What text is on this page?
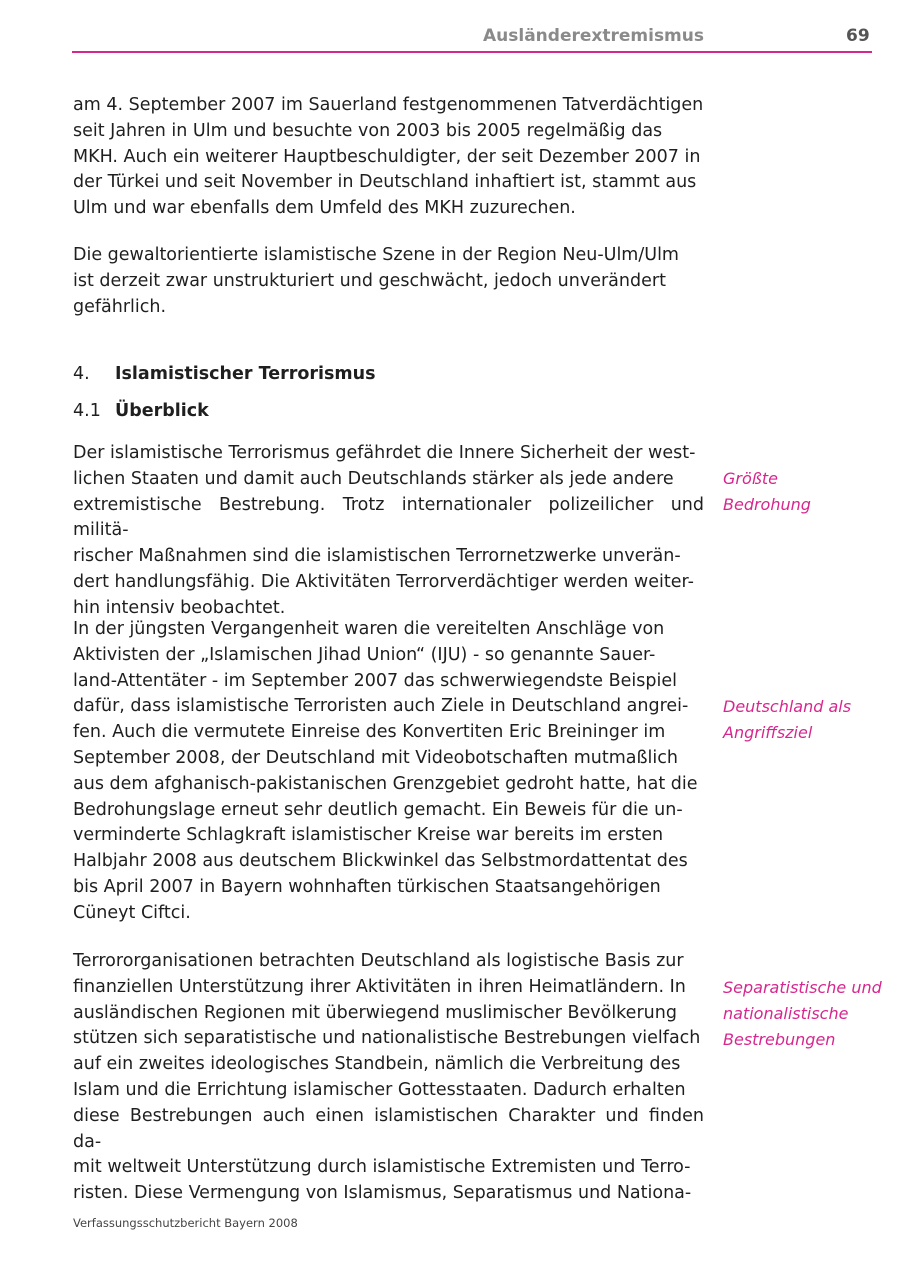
Ausländerextremismus	69
am 4. September 2007 im Sauerland festgenommenen Tatverdächtigen
seit Jahren in Ulm und besuchte von 2003 bis 2005 regelmäßig das
MKH. Auch ein weiterer Hauptbeschuldigter, der seit Dezember 2007 in
der Türkei und seit November in Deutschland inhaftiert ist, stammt aus
Ulm und war ebenfalls dem Umfeld des MKH zuzurechen.
Die gewaltorientierte islamistische Szene in der Region Neu-Ulm/Ulm
ist derzeit zwar unstrukturiert und geschwächt, jedoch unverändert
gefährlich.
4. Islamistischer Terrorismus
4.1 Überblick
Der islamistische Terrorismus gefährdet die Innere Sicherheit der west-
lichen Staaten und damit auch Deutschlands stärker als jede andere
extremistische Bestrebung. Trotz internationaler polizeilicher und militä-
rischer Maßnahmen sind die islamistischen Terrornetzwerke unverän-
dert handlungsfähig. Die Aktivitäten Terrorverdächtiger werden weiter-
hin intensiv beobachtet.
In der jüngsten Vergangenheit waren die vereitelten Anschläge von
Aktivisten der „Islamischen Jihad Union“ (IJU) - so genannte Sauer-
land-Attentäter - im September 2007 das schwerwiegendste Beispiel
dafür, dass islamistische Terroristen auch Ziele in Deutschland angrei-
fen. Auch die vermutete Einreise des Konvertiten Eric Breininger im
September 2008, der Deutschland mit Videobotschaften mutmaßlich
aus dem afghanisch-pakistanischen Grenzgebiet gedroht hatte, hat die
Bedrohungslage erneut sehr deutlich gemacht. Ein Beweis für die un-
verminderte Schlagkraft islamistischer Kreise war bereits im ersten
Halbjahr 2008 aus deutschem Blickwinkel das Selbstmordattentat des
bis April 2007 in Bayern wohnhaften türkischen Staatsangehörigen
Cüneyt Ciftci.
Terrororganisationen betrachten Deutschland als logistische Basis zur
finanziellen Unterstützung ihrer Aktivitäten in ihren Heimatländern. In
ausländischen Regionen mit überwiegend muslimischer Bevölkerung
stützen sich separatistische und nationalistische Bestrebungen vielfach
auf ein zweites ideologisches Standbein, nämlich die Verbreitung des
Islam und die Errichtung islamischer Gottesstaaten. Dadurch erhalten
diese Bestrebungen auch einen islamistischen Charakter und finden da-
mit weltweit Unterstützung durch islamistische Extremisten und Terro-
risten. Diese Vermengung von Islamismus, Separatismus und Nationa-
Größte
Bedrohung
Deutschland als
Angriffsziel
Separatistische und
nationalistische
Bestrebungen
Verfassungsschutzbericht Bayern 2008
